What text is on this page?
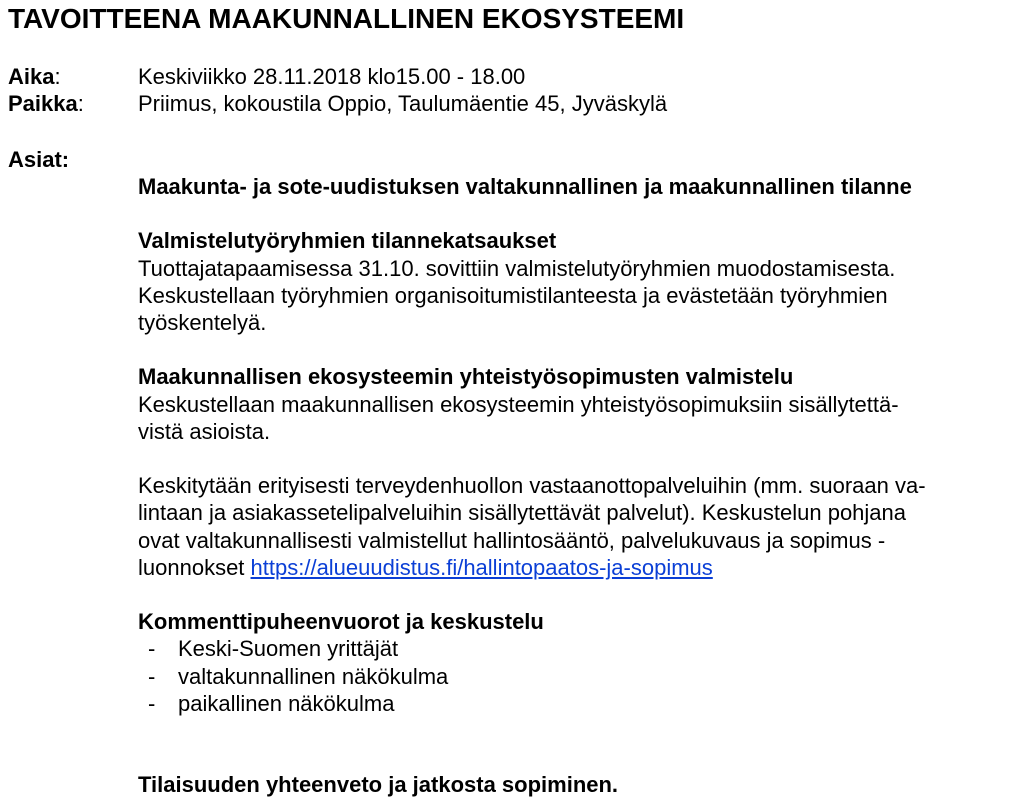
TAVOITTEENA MAAKUNNALLINEN EKOSYSTEEMI
Aika:	Keskiviikko 28.11.2018 klo15.00 - 18.00
Paikka: Priimus, kokoustila Oppio, Taulumäentie 45, Jyväskylä
Asiat:

Maakunta- ja sote-uudistuksen valtakunnallinen ja maakunnallinen tilanne

Valmistelutyöryhmien tilannekatsaukset

Tuottajatapaamisessa 31.10. sovittiin valmistelutyöryhmien muodostamisesta.

Keskustellaan työryhmien organisoitumistilanteesta ja evästetään työryhmien

työskentelyä.

Maakunnallisen ekosysteemin yhteistyösopimusten valmistelu

Keskustellaan maakunnallisen ekosysteemin yhteistyösopimuksiin sisällytettä-

vistä asioista.

Keskitytään erityisesti terveydenhuollon vastaanottopalveluihin (mm. suoraan va-

lintaan ja asiakassetelipalveluihin sisällytettävät palvelut). Keskustelun pohjana

ovat valtakunnallisesti valmistellut hallintosääntö, palvelukuvaus ja sopimus -

luonnokset https://alueuudistus.fi/hallintopaatos-ja-sopimus

Kommenttipuheenvuorot ja keskustelu

- Keski-Suomen yrittäjät
- valtakunnallinen näkökulma
- paikallinen näkökulma

Tilaisuuden yhteenveto ja jatkosta sopiminen.
